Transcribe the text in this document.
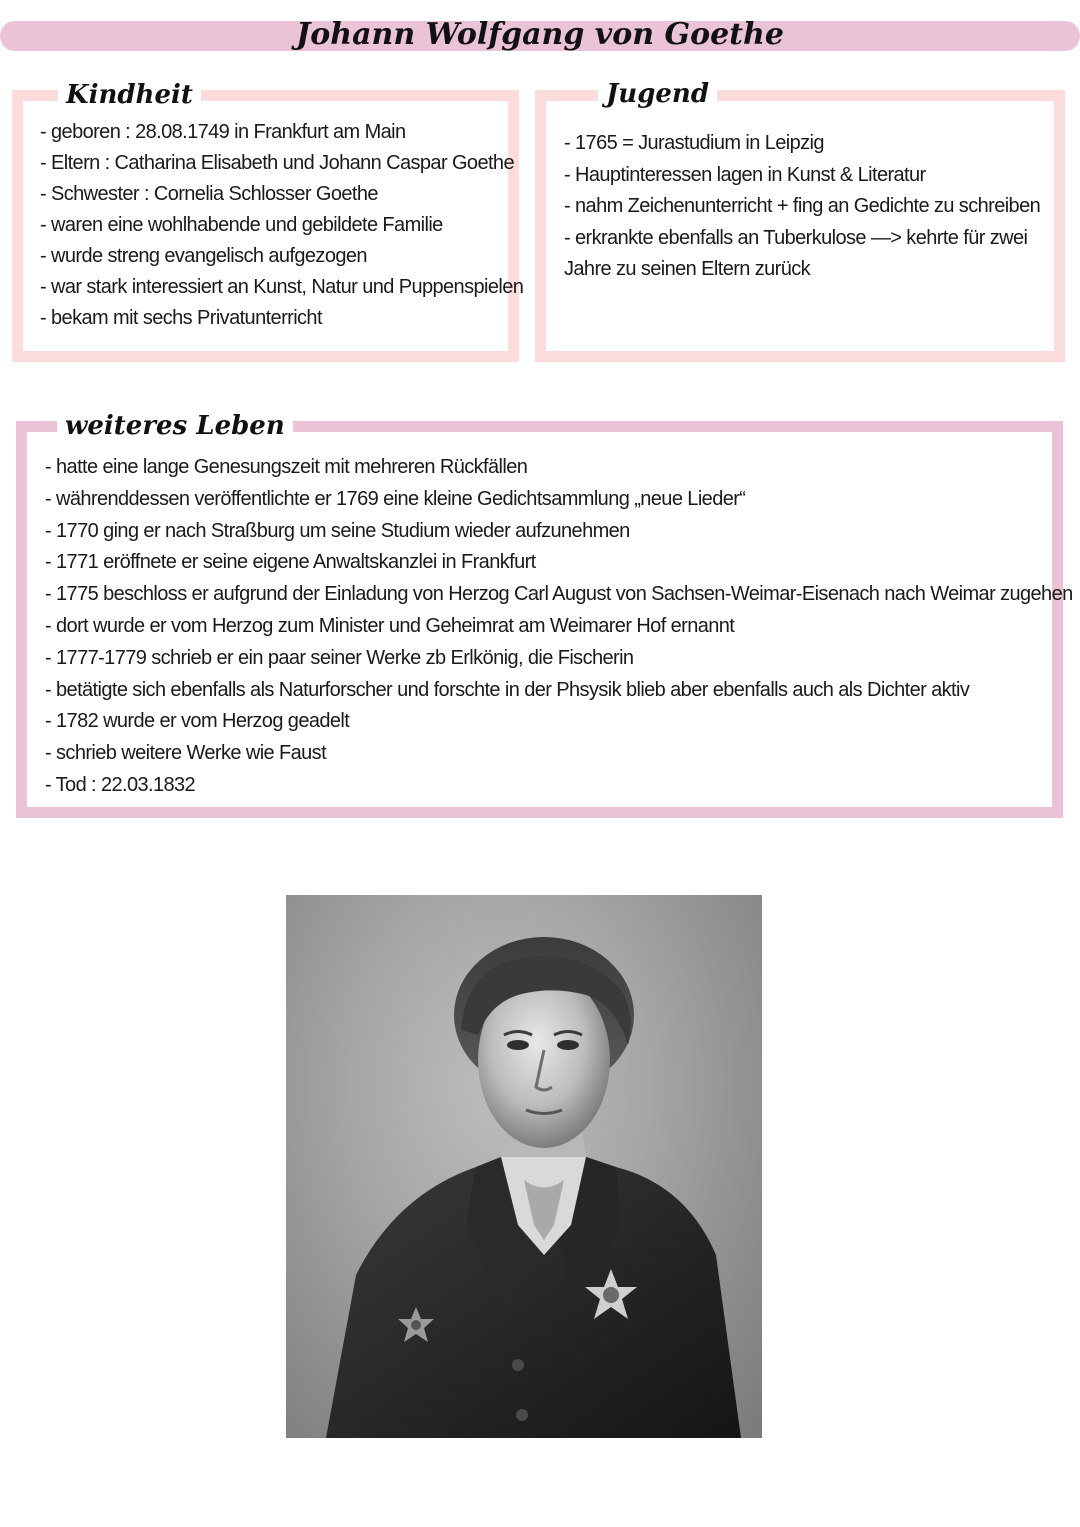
Johann Wolfgang von Goethe
Kindheit
- geboren : 28.08.1749 in Frankfurt am Main
- Eltern : Catharina Elisabeth und Johann Caspar Goethe
- Schwester : Cornelia Schlosser Goethe
- waren eine wohlhabende und gebildete Familie
- wurde streng evangelisch aufgezogen
- war stark interessiert an Kunst, Natur und Puppenspielen
- bekam mit sechs Privatunterricht
Jugend
- 1765 = Jurastudium in Leipzig
- Hauptinteressen lagen in Kunst & Literatur
- nahm Zeichenunterricht + fing an Gedichte zu schreiben
- erkrankte ebenfalls an Tuberkulose —> kehrte für zwei
Jahre zu seinen Eltern zurück
weiteres Leben
- hatte eine lange Genesungszeit mit mehreren Rückfällen
- währenddessen veröffentlichte er 1769 eine kleine Gedichtsammlung „neue Lieder“
- 1770 ging er nach Straßburg um seine Studium wieder aufzunehmen
- 1771 eröffnete er seine eigene Anwaltskanzlei in Frankfurt
- 1775 beschloss er aufgrund der Einladung von Herzog Carl August von Sachsen-Weimar-Eisenach nach Weimar zugehen
- dort wurde er vom Herzog zum Minister und Geheimrat am Weimarer Hof ernannt
- 1777-1779 schrieb er ein paar seiner Werke zb Erlkönig, die Fischerin
- betätigte sich ebenfalls als Naturforscher und forschte in der Phsysik blieb aber ebenfalls auch als Dichter aktiv
- 1782 wurde er vom Herzog geadelt
- schrieb weitere Werke wie Faust
- Tod : 22.03.1832
